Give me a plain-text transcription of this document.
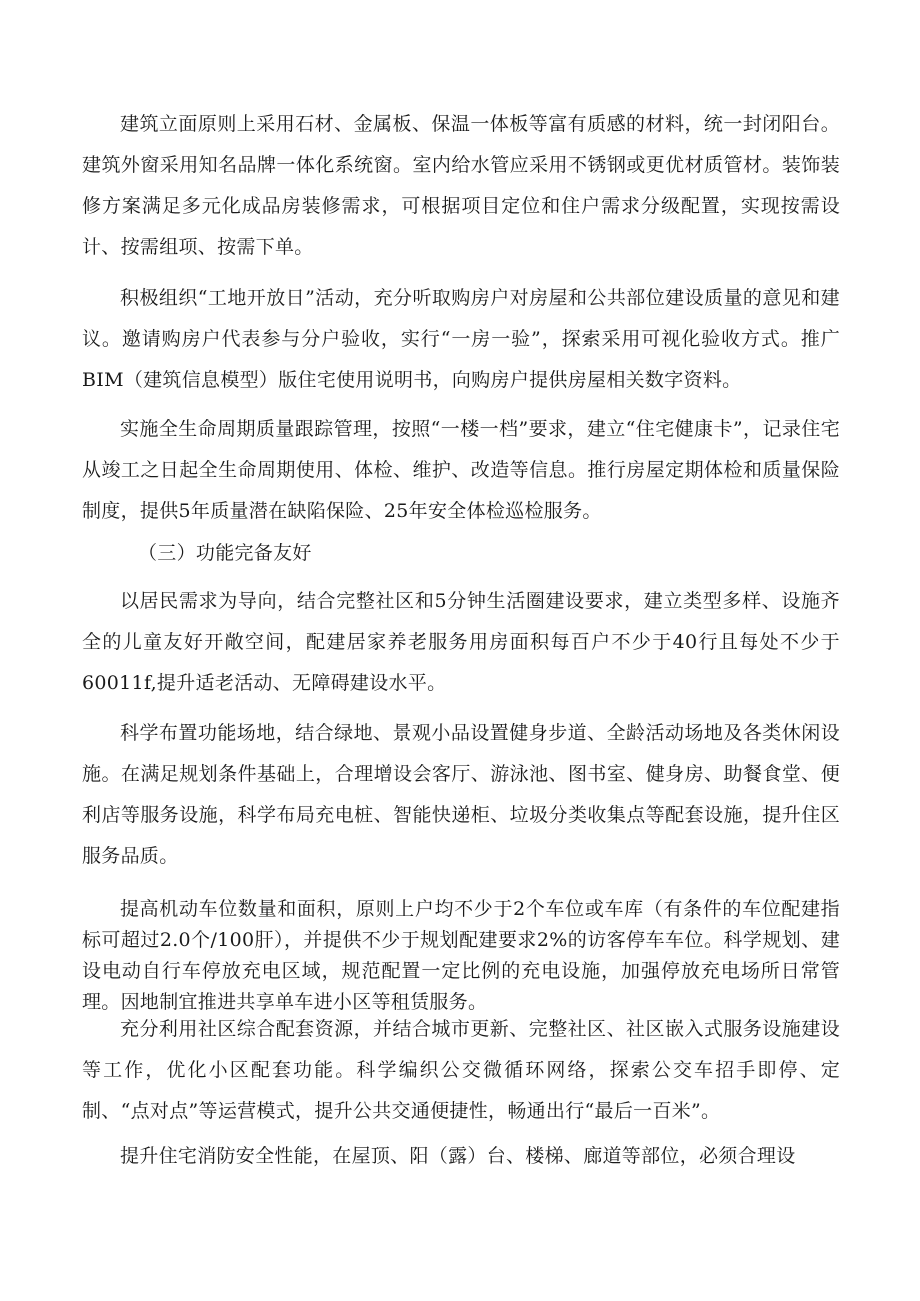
建筑立面原则上采用石材、金属板、保温一体板等富有质感的材料，统一封闭阳台。建筑外窗采用知名品牌一体化系统窗。室内给水管应采用不锈钢或更优材质管材。装饰装修方案满足多元化成品房装修需求，可根据项目定位和住户需求分级配置，实现按需设计、按需组项、按需下单。

积极组织“工地开放日”活动，充分听取购房户对房屋和公共部位建设质量的意见和建议。邀请购房户代表参与分户验收，实行“一房一验”，探索采用可视化验收方式。推广BIM（建筑信息模型）版住宅使用说明书，向购房户提供房屋相关数字资料。

实施全生命周期质量跟踪管理，按照“一楼一档”要求，建立“住宅健康卡”，记录住宅从竣工之日起全生命周期使用、体检、维护、改造等信息。推行房屋定期体检和质量保险制度，提供5年质量潜在缺陷保险、25年安全体检巡检服务。

（三）功能完备友好

以居民需求为导向，结合完整社区和5分钟生活圈建设要求，建立类型多样、设施齐全的儿童友好开敞空间，配建居家养老服务用房面积每百户不少于40行且每处不少于60011f,提升适老活动、无障碍建设水平。

科学布置功能场地，结合绿地、景观小品设置健身步道、全龄活动场地及各类休闲设施。在满足规划条件基础上，合理增设会客厅、游泳池、图书室、健身房、助餐食堂、便利店等服务设施，科学布局充电桩、智能快递柜、垃圾分类收集点等配套设施，提升住区服务品质。

提高机动车位数量和面积，原则上户均不少于2个车位或车库（有条件的车位配建指标可超过2.0个/100肝），并提供不少于规划配建要求2%的访客停车车位。科学规划、建设电动自行车停放充电区域，规范配置一定比例的充电设施，加强停放充电场所日常管理。因地制宜推进共享单车进小区等租赁服务。

充分利用社区综合配套资源，并结合城市更新、完整社区、社区嵌入式服务设施建设等工作，优化小区配套功能。科学编织公交微循环网络，探索公交车招手即停、定制、“点对点”等运营模式，提升公共交通便捷性，畅通出行“最后一百米”。

提升住宅消防安全性能，在屋顶、阳（露）台、楼梯、廊道等部位，必须合理设
